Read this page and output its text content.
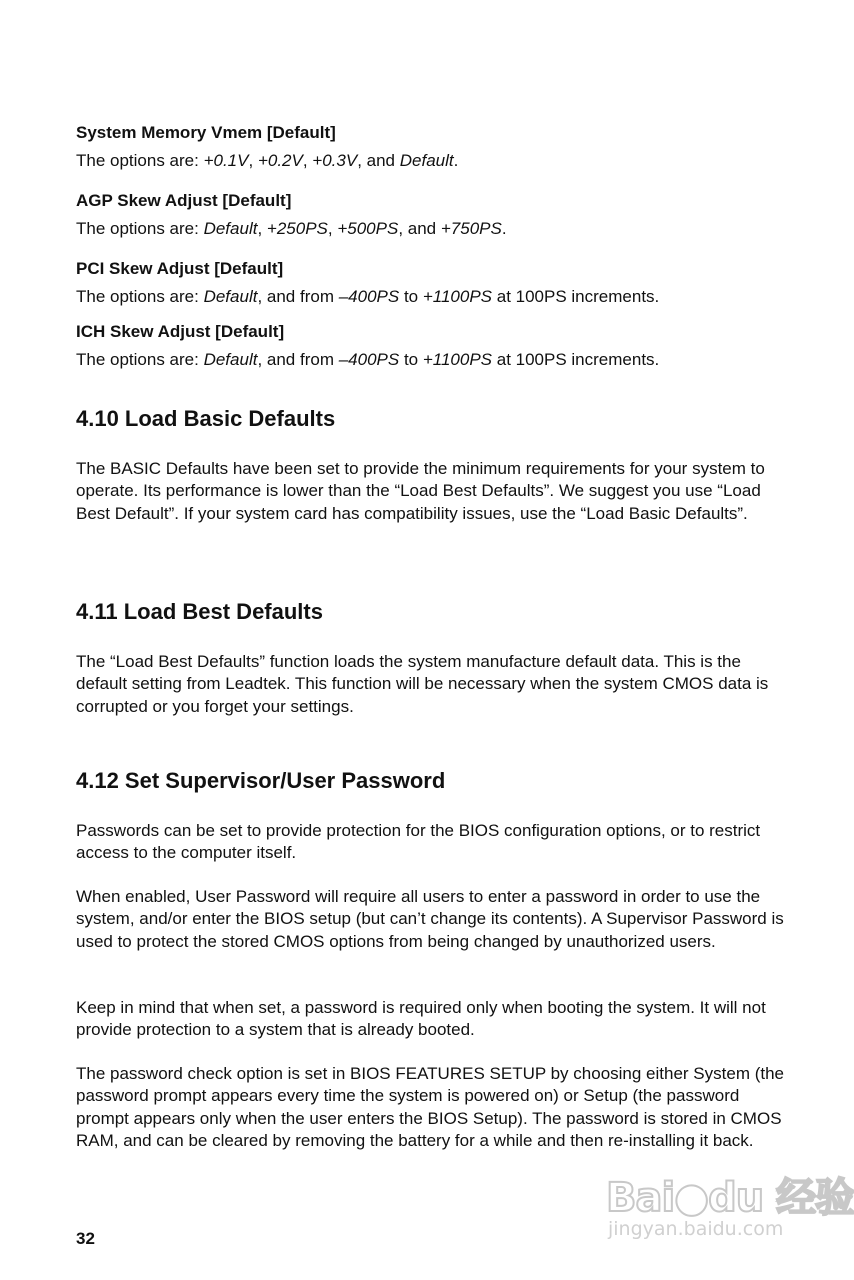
System Memory Vmem [Default]
The options are: +0.1V, +0.2V, +0.3V, and Default.
AGP Skew Adjust [Default]
The options are: Default, +250PS, +500PS, and +750PS.
PCI Skew Adjust [Default]
The options are: Default, and from –400PS to +1100PS at 100PS increments.
ICH Skew Adjust [Default]
The options are: Default, and from –400PS to +1100PS at 100PS increments.
4.10 Load Basic Defaults
The BASIC Defaults have been set to provide the minimum requirements for your system to operate. Its performance is lower than the “Load Best Defaults”. We suggest you use “Load Best Default”. If your system card has compatibility issues, use the “Load Basic Defaults”.
4.11 Load Best Defaults
The “Load Best Defaults” function loads the system manufacture default data. This is the default setting from Leadtek. This function will be necessary when the system CMOS data is corrupted or you forget your settings.
4.12 Set Supervisor/User Password
Passwords can be set to provide protection for the BIOS configuration options, or to restrict access to the computer itself.
When enabled, User Password will require all users to enter a password in order to use the system, and/or enter the BIOS setup (but can’t change its contents). A Supervisor Password is used to protect the stored CMOS options from being changed by unauthorized users.
Keep in mind that when set, a password is required only when booting the system. It will not provide protection to a system that is already booted.
The password check option is set in BIOS FEATURES SETUP by choosing either System (the password prompt appears every time the system is powered on) or Setup (the password prompt appears only when the user enters the BIOS Setup). The password is stored in CMOS RAM, and can be cleared by removing the battery for a while and then re-installing it back.
32
Bai●du 经验
jingyan.baidu.com
